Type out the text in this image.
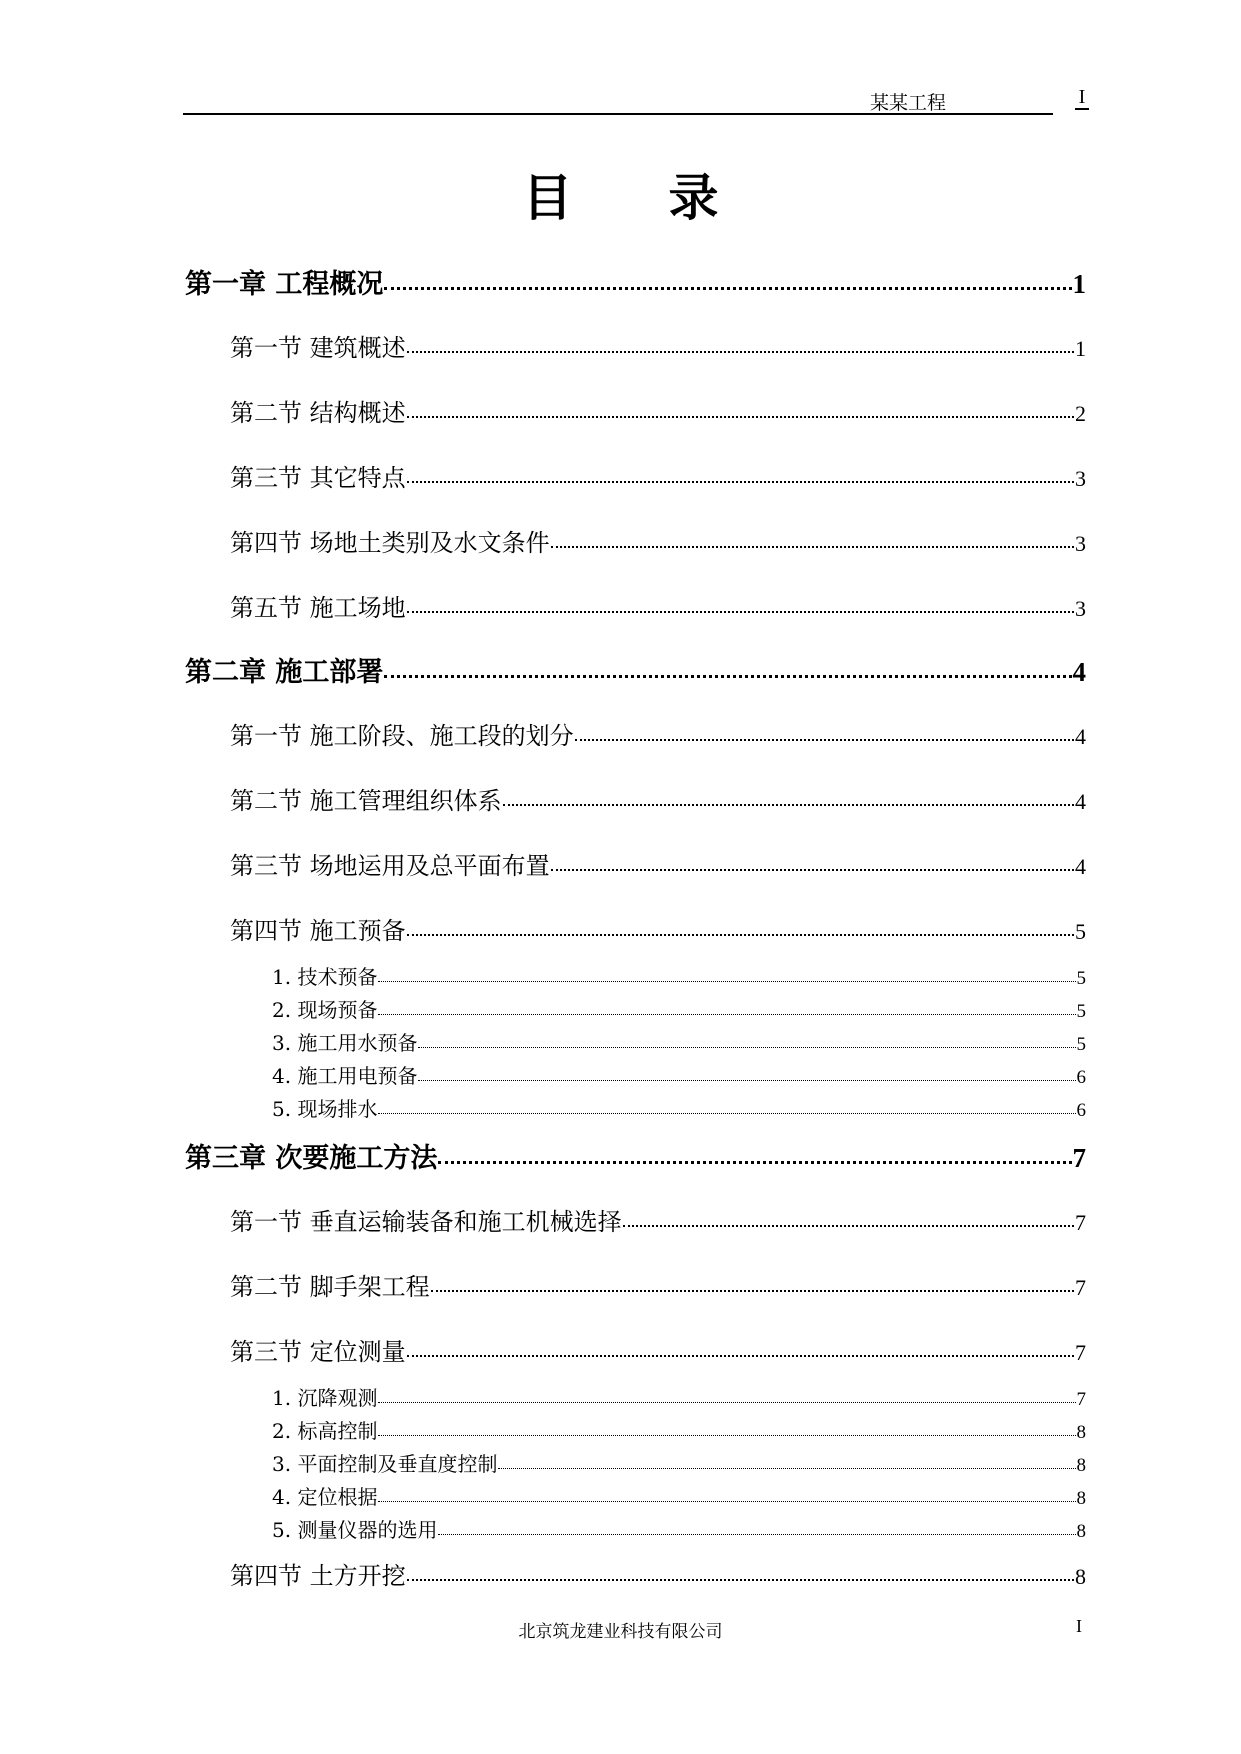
某某工程	I
目录
第一章 工程概况	1
第一节 建筑概述	1
第二节 结构概述	2
第三节 其它特点	3
第四节 场地土类别及水文条件	3
第五节 施工场地	3
第二章 施工部署	4
第一节 施工阶段、施工段的划分	4
第二节 施工管理组织体系	4
第三节 场地运用及总平面布置	4
第四节 施工预备	5
1. 技术预备	5
2. 现场预备	5
3. 施工用水预备	5
4. 施工用电预备	6
5. 现场排水	6
第三章 次要施工方法	7
第一节 垂直运输装备和施工机械选择	7
第二节 脚手架工程	7
第三节 定位测量	7
1. 沉降观测	7
2. 标高控制	8
3. 平面控制及垂直度控制	8
4. 定位根据	8
5. 测量仪器的选用	8
第四节 土方开挖	8
北京筑龙建业科技有限公司	I
